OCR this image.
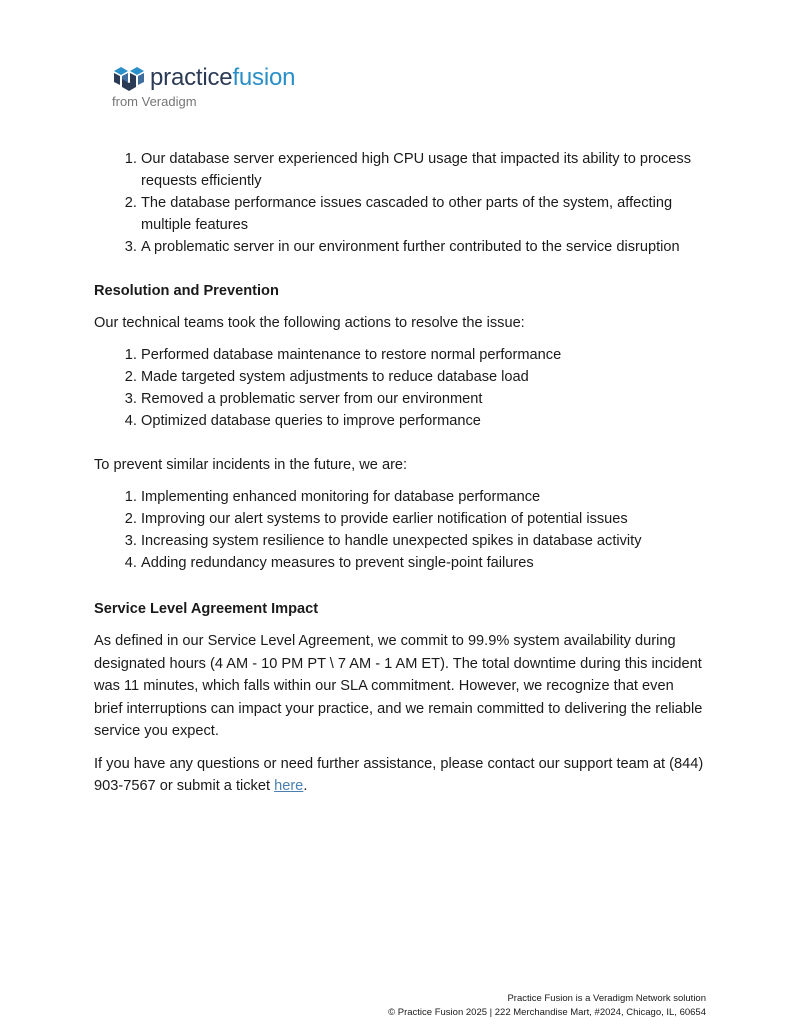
practicefusion
from Veradigm
1. Our database server experienced high CPU usage that impacted its ability to process requests efficiently
2. The database performance issues cascaded to other parts of the system, affecting multiple features
3. A problematic server in our environment further contributed to the service disruption
Resolution and Prevention

Our technical teams took the following actions to resolve the issue:

1. Performed database maintenance to restore normal performance
2. Made targeted system adjustments to reduce database load
3. Removed a problematic server from our environment
4. Optimized database queries to improve performance

To prevent similar incidents in the future, we are:

1. Implementing enhanced monitoring for database performance
2. Improving our alert systems to provide earlier notification of potential issues
3. Increasing system resilience to handle unexpected spikes in database activity
4. Adding redundancy measures to prevent single-point failures
Service Level Agreement Impact

As defined in our Service Level Agreement, we commit to 99.9% system availability during designated hours (4 AM - 10 PM PT \ 7 AM - 1 AM ET). The total downtime during this incident was 11 minutes, which falls within our SLA commitment. However, we recognize that even brief interruptions can impact your practice, and we remain committed to delivering the reliable service you expect.

If you have any questions or need further assistance, please contact our support team at (844) 903-7567 or submit a ticket here.

Practice Fusion is a Veradigm Network solution
© Practice Fusion 2025 | 222 Merchandise Mart, #2024, Chicago, IL, 60654
